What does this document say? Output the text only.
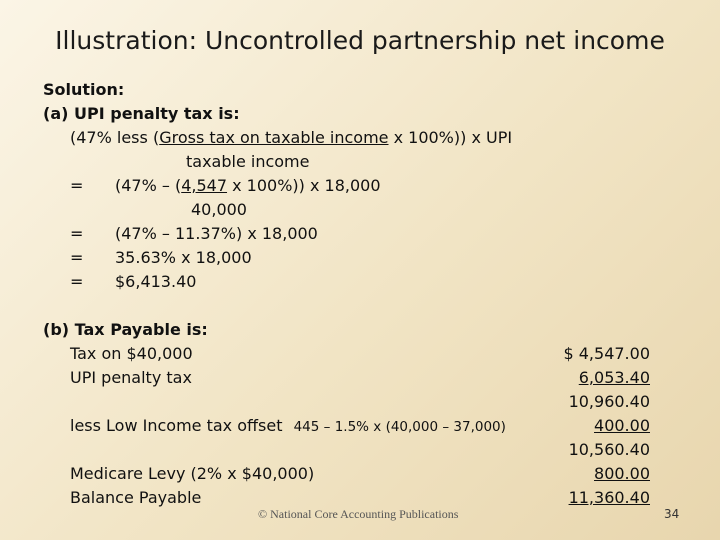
Illustration: Uncontrolled partnership net income
Solution:
(a) UPI penalty tax is:
(47% less (Gross tax on taxable income x 100%)) x UPI
taxable income
= (47% – (4,547 x 100%)) x 18,000
40,000
= (47% – 11.37%) x 18,000
= 35.63% x 18,000
= $6,413.40
(b) Tax Payable is:
Tax on $40,000	$ 4,547.00
UPI penalty tax	6,053.40
10,960.40
less Low Income tax offset 445 – 1.5% x (40,000 – 37,000)	400.00
10,560.40
Medicare Levy (2% x $40,000)	800.00
Balance Payable	11,360.40
© National Core Accounting Publications	34
